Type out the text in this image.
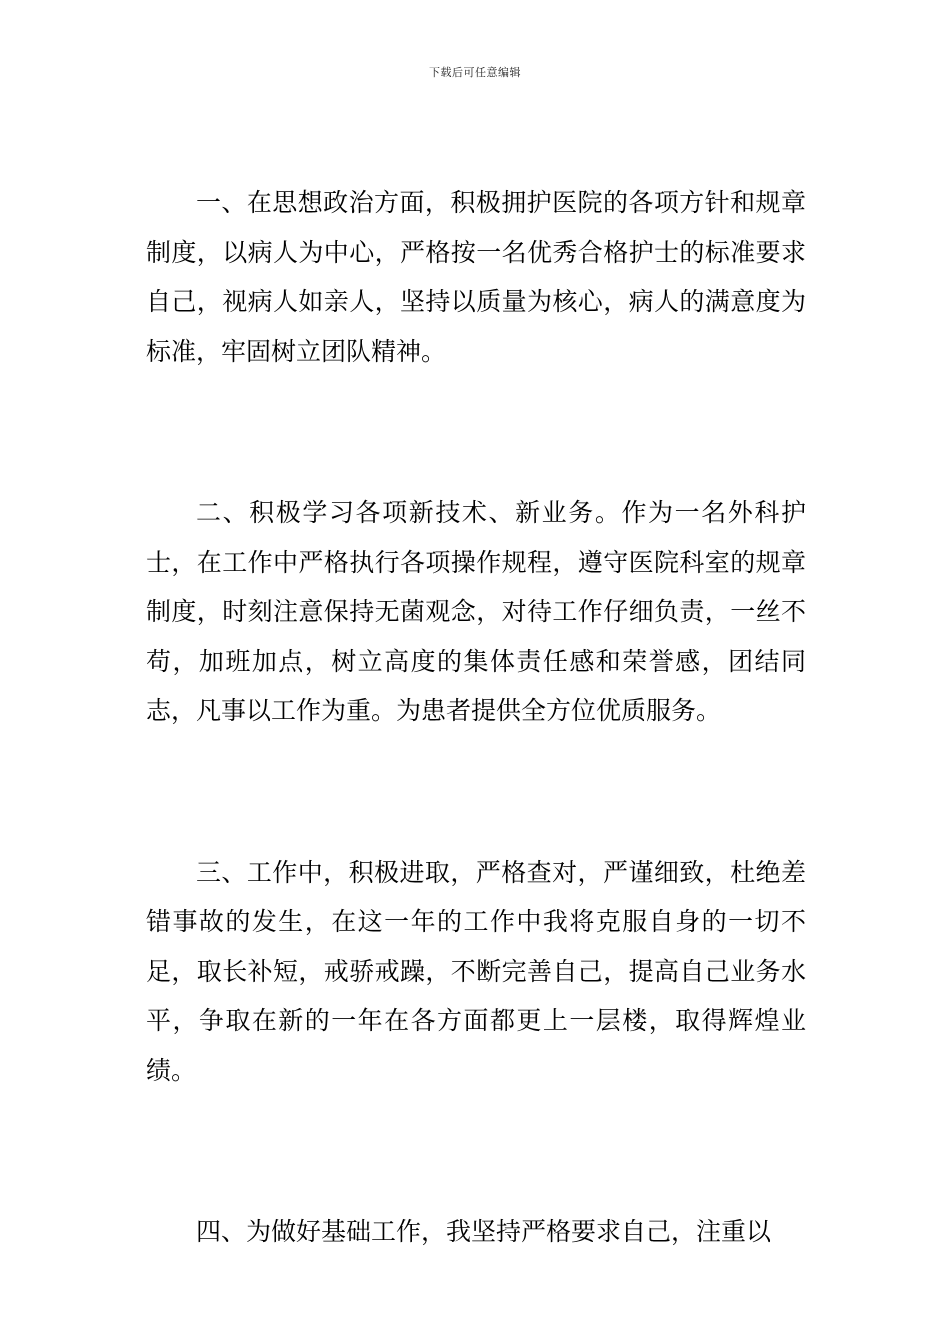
下载后可任意编辑

一、在思想政治方面，积极拥护医院的各项方针和规章制度，以病人为中心，严格按一名优秀合格护士的标准要求自己，视病人如亲人，坚持以质量为核心，病人的满意度为标准，牢固树立团队精神。

二、积极学习各项新技术、新业务。作为一名外科护士，在工作中严格执行各项操作规程，遵守医院科室的规章制度，时刻注意保持无菌观念，对待工作仔细负责，一丝不苟，加班加点，树立高度的集体责任感和荣誉感，团结同志，凡事以工作为重。为患者提供全方位优质服务。

三、工作中，积极进取，严格查对，严谨细致，杜绝差错事故的发生，在这一年的工作中我将克服自身的一切不足，取长补短，戒骄戒躁，不断完善自己，提高自己业务水平，争取在新的一年在各方面都更上一层楼，取得辉煌业绩。

四、为做好基础工作，我坚持严格要求自己，注重以
